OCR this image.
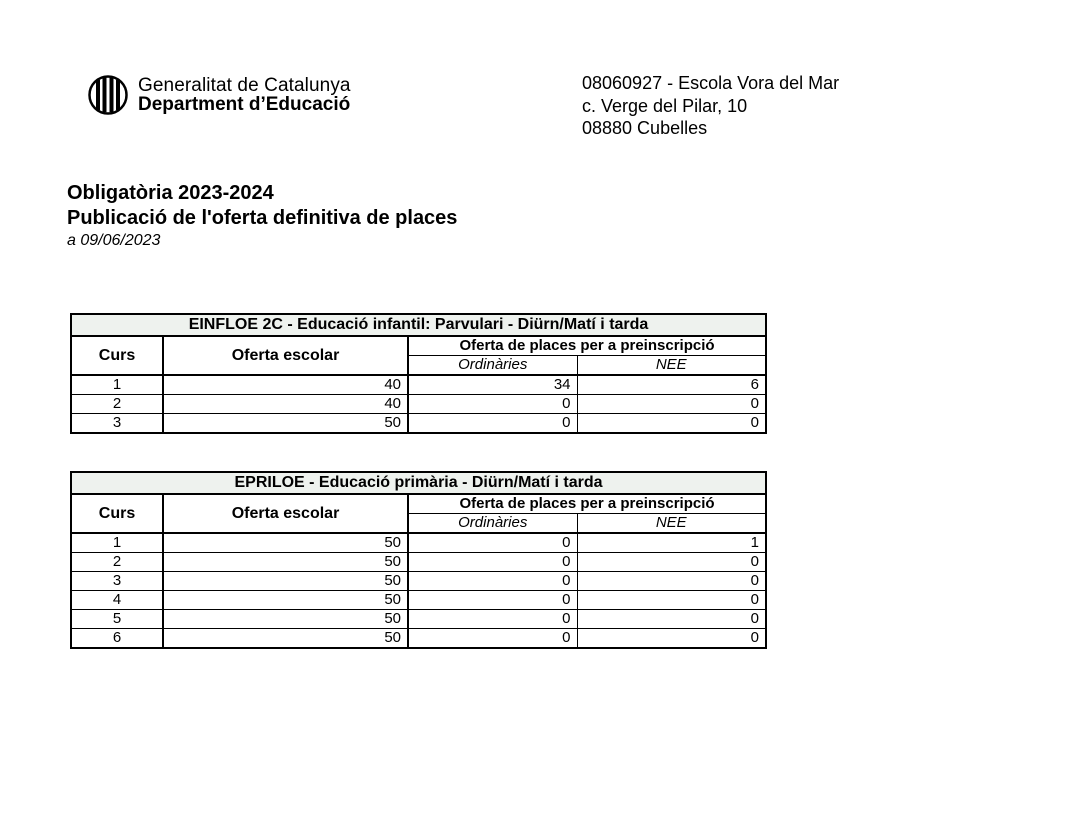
Generalitat de Catalunya
Department d’Educació
08060927 - Escola Vora del Mar
c. Verge del Pilar, 10
08880 Cubelles
Obligatòria 2023-2024
Publicació de l'oferta definitiva de places
a 09/06/2023
EINFLOE 2C - Educació infantil: Parvulari - Diürn/Matí i tarda			
Curs	Oferta escolar	Oferta de places per a preinscripció	
		Ordinàries	NEE
1	40	34	6
2	40	0	0
3	50	0	0
EPRILOE - Educació primària - Diürn/Matí i tarda			
Curs	Oferta escolar	Oferta de places per a preinscripció	
		Ordinàries	NEE
1	50	0	1
2	50	0	0
3	50	0	0
4	50	0	0
5	50	0	0
6	50	0	0
